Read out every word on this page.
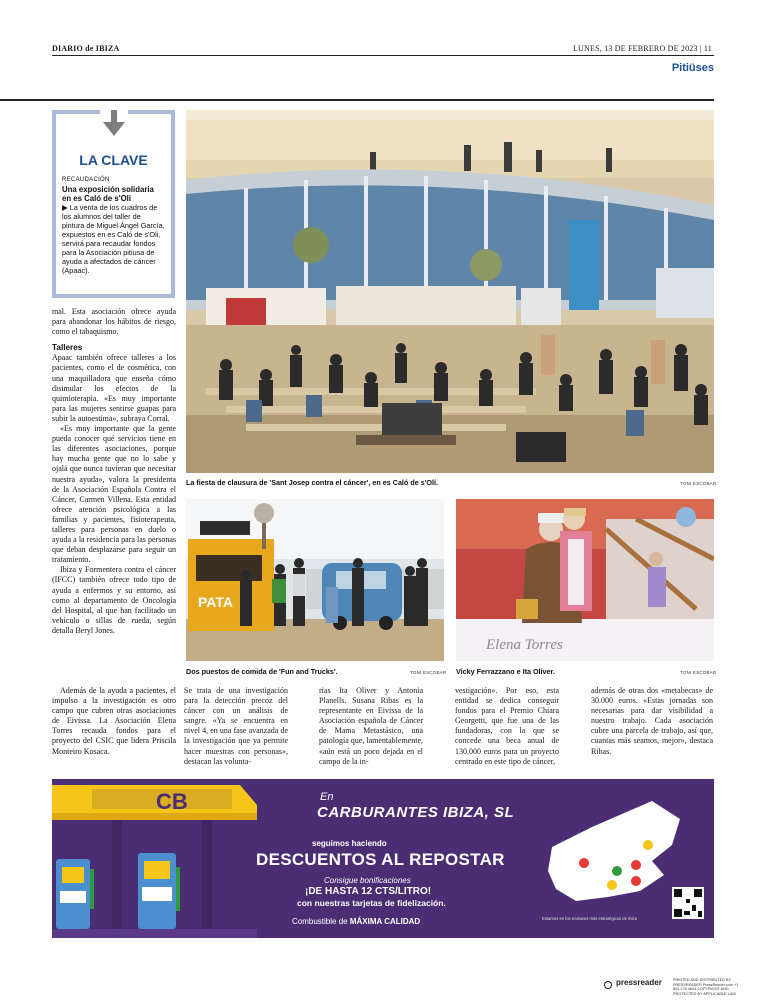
DIARIO de IBIZA	LUNES, 13 DE FEBRERO DE 2023 | 11
Pitiüses
LA CLAVE
RECAUDACIÓN
Una exposición solidaria en es Caló de s'Oli
▶ La venta de los cuadros de los alumnos del taller de pintura de Miguel Ángel García, expuestos en es Caló de s'Oli, servirá para recaudar fondos para la Asociación pitiusa de ayuda a afectados de cáncer (Apaac).

mal. Esta asociación ofrece ayuda para abandonar los hábitos de riesgo, como el tabaquismo.

Talleres

Apaac también ofrece talleres a los pacientes, como el de cosmética, con una maquilladora que enseña cómo disimular los efectos de la quimioterapia. «Es muy importante para las mujeres sentirse guapas para subir la autoestima», subraya Corral.

«Es muy importante que la gente pueda conocer qué servicios tiene en las diferentes asociaciones, porque hay mucha gente que no lo sabe y ojalá que nunca tuvieran que necesitar nuestra ayuda», valora la presidenta de la Asociación Española Contra el Cáncer, Carmen Villena. Esta entidad ofrece atención psicológica a las familias y pacientes, fisioterapeuta, talleres para personas en duelo o ayuda a la residencia para las personas que deban desplazarse para seguir un tratamiento.

Ibiza y Formentera contra el cáncer (IFCC) también ofrece todo tipo de ayuda a enfermos y su entorno, así como al departamento de Oncología del Hospital, al que han facilitado un vehículo o sillas de rueda, según detalla Beryl Jones.

Además de la ayuda a pacientes, el impulso a la investigación es otro campo que cubren otras asociaciones de Eivissa. La Asociación Elena Torres recauda fondos para el proyecto del CSIC que lidera Priscila Monteiro Kosaca.

Se trata de una investigación para la detección precoz del cáncer con un análisis de sangre. «Ya se encuentra en nivel 4, en una fase avanzada de la investigación que ya permite hacer muestras con personas», destacan las volunta-
rias Ita Oliver y Antonia Planells. Susana Ribas es la representante en Eivissa de la Asociación española de Cáncer de Mama Metastásico, una patología que, lamentablemente, «aún está un poco dejada en el campo de la in-
vestigación». Por eso, esta entidad se dedica conseguir fondos para el Premio Chiara Georgetti, que fue una de las fundadoras, con la que se concede una beca anual de 130.000 euros para un proyecto centrado en este tipo de cáncer,
además de otras dos «metabecas» de 30.000 euros. «Estas jornadas son necesarias para dar visibilidad a nuestro trabajo. Cada asociación cubre una parcela de trabajo, así que, cuantas más seamos, mejor», destaca Ribas.
La fiesta de clausura de 'Sant Josep contra el cáncer', en es Caló de s'Olí.	TONI ESCOBAR
PATA
Dos puestos de comida de 'Fun and Trucks'.	TONI ESCOBAR
Elena Torres
Vicky Ferrazzano e Ita Oliver.	TONI ESCOBAR
CB	En
CARBURANTES IBIZA, SL
seguimos haciendo
DESCUENTOS AL REPOSTAR
Consigue bonificaciones
¡DE HASTA 12 CTS/LITRO!
con nuestras tarjetas de fidelización.
Combustible de MÁXIMA CALIDAD	Estamos en los enclaves más estratégicos de Ibiza
pressreader	PRINTED AND DISTRIBUTED BY PRESSREADER PressReader.com +1 604 278 4604 COPYRIGHT AND PROTECTED BY APPLICABLE LAW
